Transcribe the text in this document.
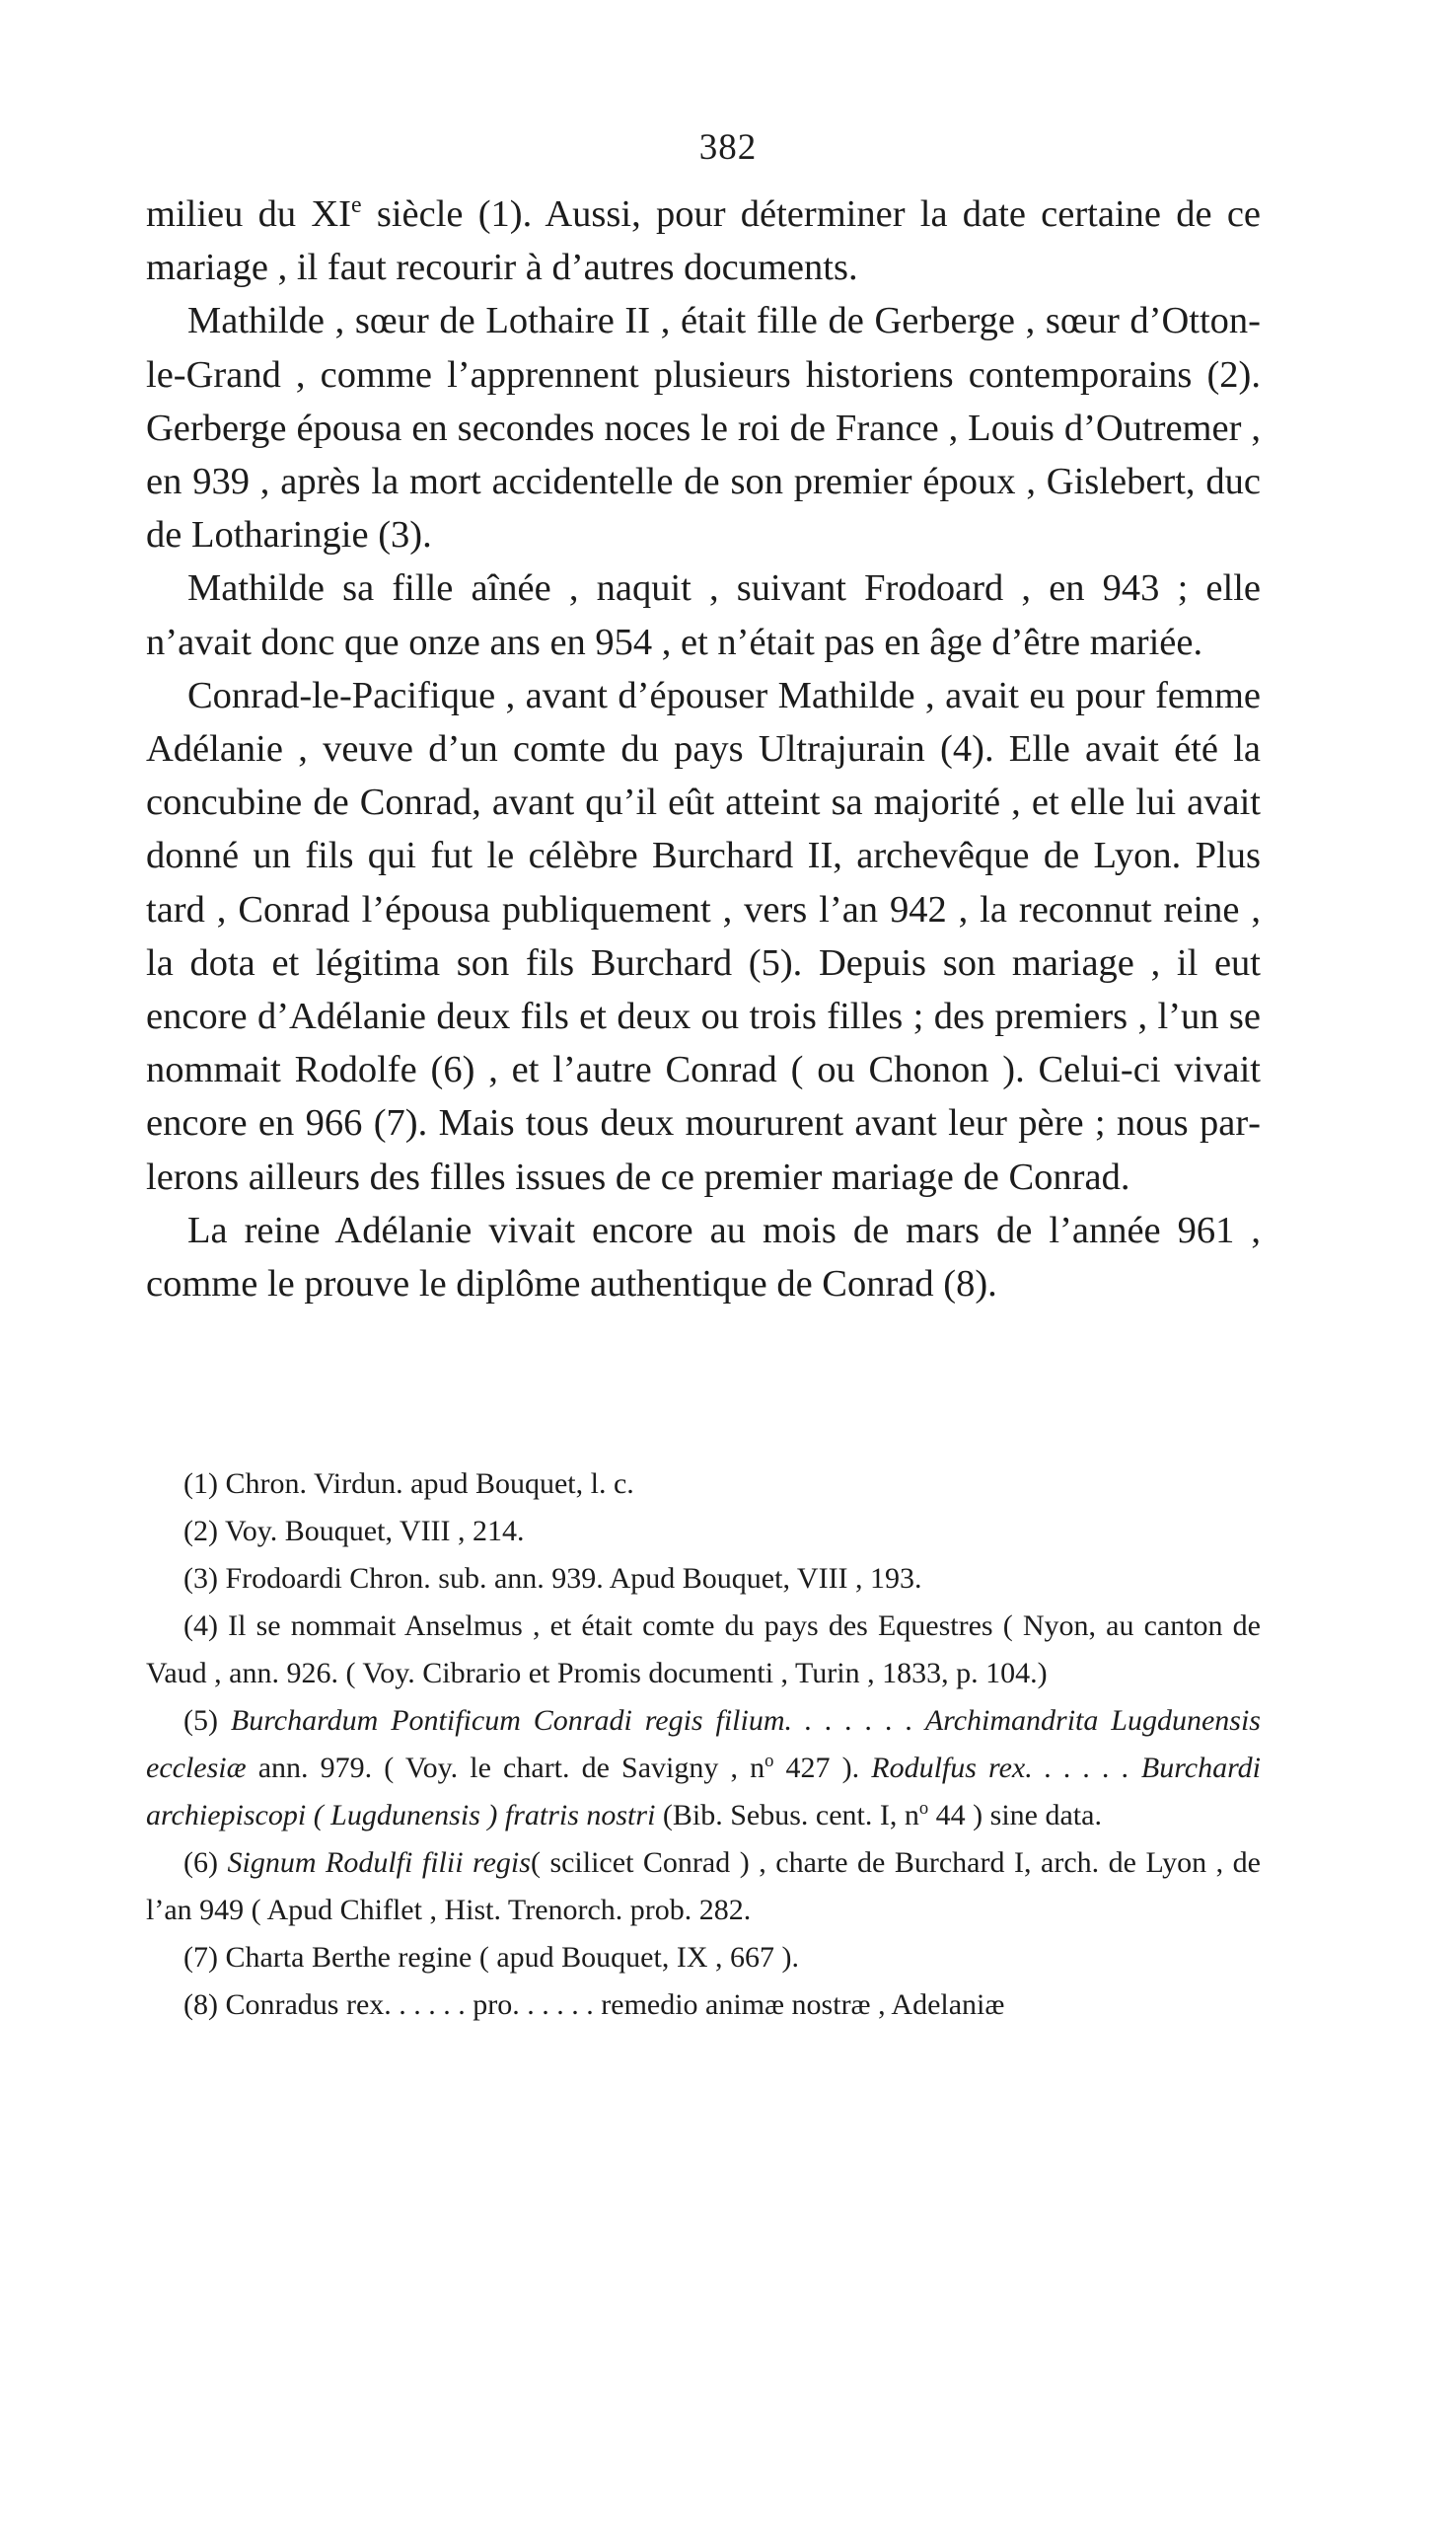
382

milieu du XIe siècle (1). Aussi, pour déterminer la date certaine de ce mariage , il faut recourir à d’autres documents.

Mathilde , sœur de Lothaire II , était fille de Gerberge , sœur d’Otton-le-Grand , comme l’apprennent plusieurs historiens contemporains (2). Gerberge épousa en secondes noces le roi de France , Louis d’Outremer , en 939 , après la mort accidentelle de son premier époux , Gislebert, duc de Lotharingie (3).

Mathilde sa fille aînée , naquit , suivant Frodoard , en 943 ; elle n’avait donc que onze ans en 954 , et n’était pas en âge d’être mariée.

Conrad-le-Pacifique , avant d’épouser Mathilde , avait eu pour femme Adélanie , veuve d’un comte du pays Ultrajurain (4). Elle avait été la concubine de Conrad, avant qu’il eût atteint sa majorité , et elle lui avait donné un fils qui fut le célèbre Burchard II, archevêque de Lyon. Plus tard , Conrad l’épousa publiquement , vers l’an 942 , la reconnut reine , la dota et légitima son fils Burchard (5). Depuis son mariage , il eut encore d’Adélanie deux fils et deux ou trois filles ; des premiers , l’un se nommait Rodolfe (6) , et l’autre Conrad ( ou Chonon ). Celui-ci vivait encore en 966 (7). Mais tous deux moururent avant leur père ; nous parlerons ailleurs des filles issues de ce premier mariage de Conrad.

La reine Adélanie vivait encore au mois de mars de l’année 961 , comme le prouve le diplôme authentique de Conrad (8).

(1) Chron. Virdun. apud Bouquet, l. c.

(2) Voy. Bouquet, VIII , 214.

(3) Frodoardi Chron. sub. ann. 939. Apud Bouquet, VIII , 193.

(4) Il se nommait Anselmus , et était comte du pays des Equestres ( Nyon, au canton de Vaud , ann. 926. ( Voy. Cibrario et Promis documenti , Turin , 1833, p. 104.)

(5) Burchardum Pontificum Conradi regis filium. . . . . . . Archimandrita Lugdunensis ecclesiæ ann. 979. ( Voy. le chart. de Savigny , $n^o$ 427 ). Rodulfus rex. . . . . . Burchardi archiepiscopi ( Lugdunensis ) fratris nostri (Bib. Sebus. cent. I, $n^o$ 44 ) sine data.

(6) Signum Rodulfi filii regis( scilicet Conrad ) , charte de Burchard I, arch. de Lyon , de l’an 949 ( Apud Chiflet , Hist. Trenorch. prob. 282.

(7) Charta Berthe regine ( apud Bouquet, IX , 667 ).

(8) Conradus rex. . . . . . pro. . . . . . remedio animæ nostræ , Adelaniæ
